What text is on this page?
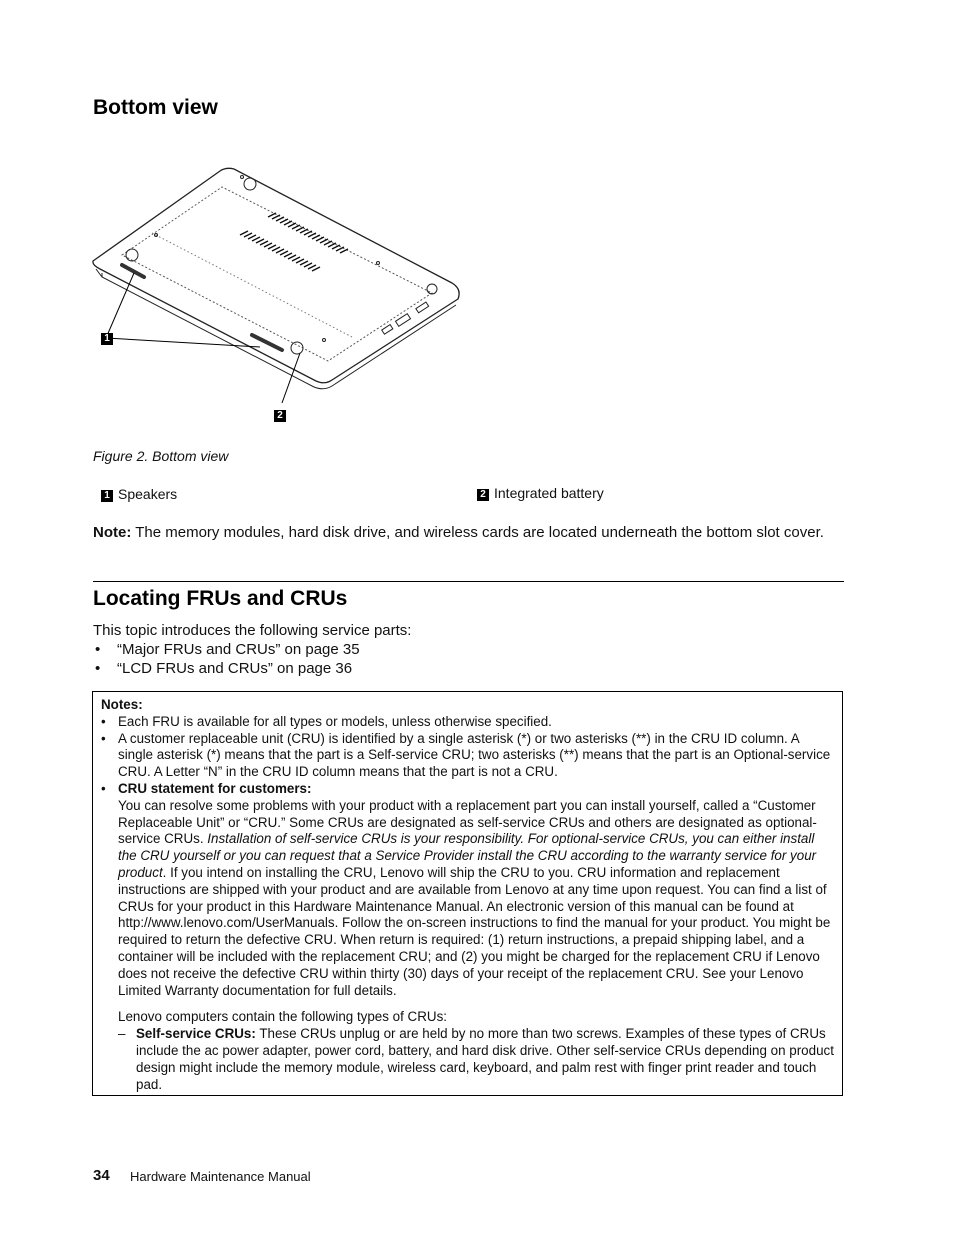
Bottom view
1
2
Figure 2. Bottom view
1 Speakers	2 Integrated battery
Note: The memory modules, hard disk drive, and wireless cards are located underneath the bottom slot cover.
Locating FRUs and CRUs
This topic introduces the following service parts:
• “Major FRUs and CRUs” on page 35
• “LCD FRUs and CRUs” on page 36
Notes:
• Each FRU is available for all types or models, unless otherwise specified.
• A customer replaceable unit (CRU) is identified by a single asterisk (*) or two asterisks (**) in the CRU ID column. A single asterisk (*) means that the part is a Self-service CRU; two asterisks (**) means that the part is an Optional-service CRU. A Letter “N” in the CRU ID column means that the part is not a CRU.
• CRU statement for customers:

You can resolve some problems with your product with a replacement part you can install yourself, called a “Customer Replaceable Unit” or “CRU.” Some CRUs are designated as self-service CRUs and others are designated as optional-service CRUs. Installation of self-service CRUs is your responsibility. For optional-service CRUs, you can either install the CRU yourself or you can request that a Service Provider install the CRU according to the warranty service for your product. If you intend on installing the CRU, Lenovo will ship the CRU to you. CRU information and replacement instructions are shipped with your product and are available from Lenovo at any time upon request. You can find a list of CRUs for your product in this Hardware Maintenance Manual. An electronic version of this manual can be found at http://www.lenovo.com/UserManuals. Follow the on-screen instructions to find the manual for your product. You might be required to return the defective CRU. When return is required: (1) return instructions, a prepaid shipping label, and a container will be included with the replacement CRU; and (2) you might be charged for the replacement CRU if Lenovo does not receive the defective CRU within thirty (30) days of your receipt of the replacement CRU. See your Lenovo Limited Warranty documentation for full details.

Lenovo computers contain the following types of CRUs:

– Self-service CRUs: These CRUs unplug or are held by no more than two screws. Examples of these types of CRUs include the ac power adapter, power cord, battery, and hard disk drive. Other self-service CRUs depending on product design might include the memory module, wireless card, keyboard, and palm rest with finger print reader and touch pad.
34 Hardware Maintenance Manual
